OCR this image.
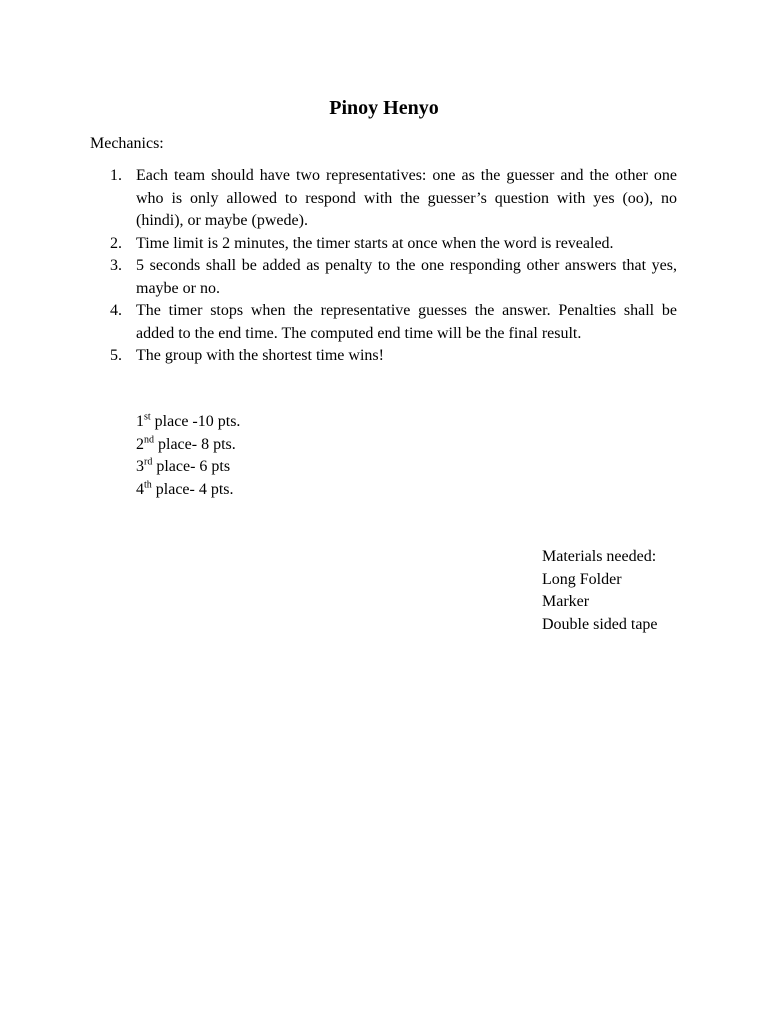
Pinoy Henyo
Mechanics:
1. Each team should have two representatives: one as the guesser and the other one who is only allowed to respond with the guesser’s question with yes (oo), no (hindi), or maybe (pwede).
2. Time limit is 2 minutes, the timer starts at once when the word is revealed.
3. 5 seconds shall be added as penalty to the one responding other answers that yes, maybe or no.
4. The timer stops when the representative guesses the answer. Penalties shall be added to the end time. The computed end time will be the final result.
5. The group with the shortest time wins!
1st place -10 pts.
2nd place- 8 pts.
3rd place- 6 pts
4th place- 4 pts.
Materials needed:
Long Folder
Marker
Double sided tape
